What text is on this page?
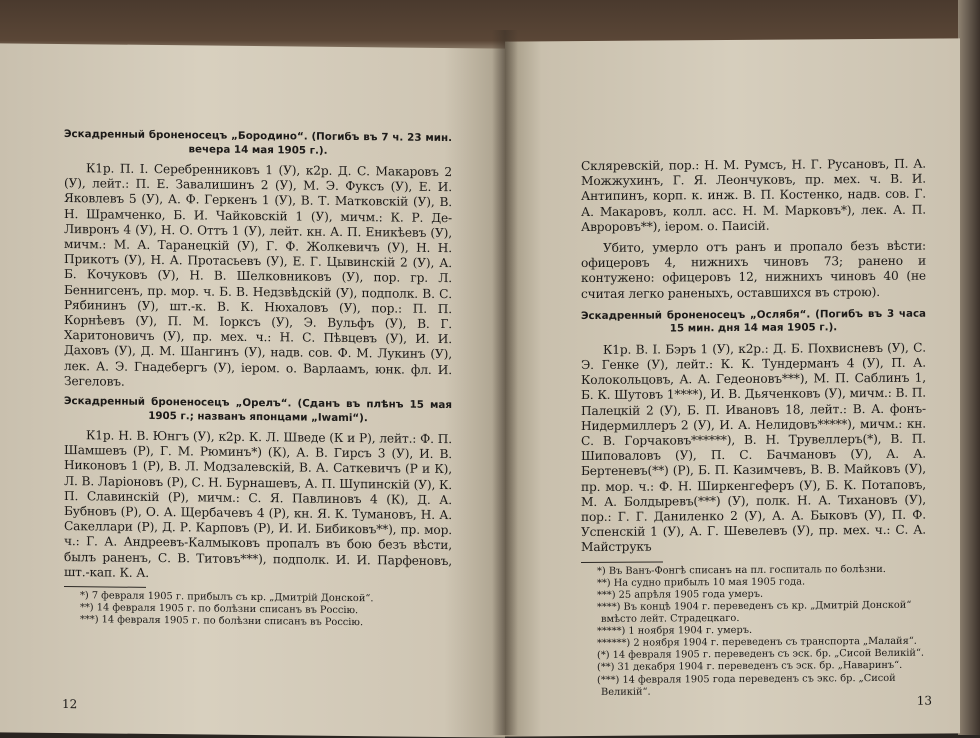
Эскадренный броненосецъ „Бородино“. (Погибъ въ 7 ч. 23 мин. вечера 14 мая 1905 г.).
К1р. П. I. Серебренниковъ 1 (У), к2р. Д. С. Макаровъ 2 (У), лейт.: П. Е. Завалишинъ 2 (У), М. Э. Фуксъ (У), Е. И. Яковлевъ 5 (У), А. Ф. Геркенъ 1 (У), В. Т. Матковскій (У), В. Н. Шрамченко, Б. И. Чайковскій 1 (У), мичм.: К. Р. Де-Ливронъ 4 (У), Н. О. Оттъ 1 (У), лейт. кн. А. П. Еникѣевъ (У), мичм.: М. А. Таранецкій (У), Г. Ф. Жолкевичъ (У), Н. Н. Прикотъ (У), Н. А. Протасьевъ (У), Е. Г. Цывинскій 2 (У), А. Б. Кочуковъ (У), Н. В. Шелковниковъ (У), пор. гр. Л. Беннигсенъ, пр. мор. ч. Б. В. Недзвѣдскій (У), подполк. В. С. Рябининъ (У), шт.-к. В. К. Нюхаловъ (У), пор.: П. П. Корнѣевъ (У), П. М. Іорксъ (У), Э. Вульфъ (У), В. Г. Харитоновичъ (У), пр. мех. ч.: Н. С. Пѣвцевъ (У), И. И. Даховъ (У), Д. М. Шангинъ (У), надв. сов. Ф. М. Лукинъ (У), лек. А. Э. Гнадебергъ (У), іером. о. Варлаамъ, юнк. фл. И. Зегеловъ.
Эскадренный броненосецъ „Орелъ“. (Сданъ въ плѣнъ 15 мая 1905 г.; названъ японцами „Iwami“).
К1р. Н. В. Юнгъ (У), к2р. К. Л. Шведе (К и Р), лейт.: Ф. П. Шамшевъ (Р), Г. М. Рюминъ*) (К), А. В. Гирсъ 3 (У), И. В. Никоновъ 1 (Р), В. Л. Модзалевскій, В. А. Саткевичъ (Р и К), Л. В. Ларіоновъ (Р), С. Н. Бурнашевъ, А. П. Шупинскій (У), К. П. Славинскій (Р), мичм.: С. Я. Павлиновъ 4 (К), Д. А. Бубновъ (Р), О. А. Щербачевъ 4 (Р), кн. Я. К. Тумановъ, Н. А. Сакеллари (Р), Д. Р. Карповъ (Р), И. И. Бибиковъ**), пр. мор. ч.: Г. А. Андреевъ-Калмыковъ пропалъ въ бою безъ вѣсти, былъ раненъ, С. В. Титовъ***), подполк. И. И. Парфеновъ, шт.-кап. К. А.
*) 7 февраля 1905 г. прибылъ съ кр. „Дмитрій Донской“.
**) 14 февраля 1905 г. по болѣзни списанъ въ Россію.
***) 14 февраля 1905 г. по болѣзни списанъ въ Россію.
12
Скляревскій, пор.: Н. М. Румсъ, Н. Г. Русановъ, П. А. Можжухинъ, Г. Я. Леончуковъ, пр. мех. ч. В. И. Антипинъ, корп. к. инж. В. П. Костенко, надв. сов. Г. А. Макаровъ, колл. асс. Н. М. Марковъ*), лек. А. П. Авроровъ**), іером. о. Паисій.
Убито, умерло отъ ранъ и пропало безъ вѣсти: офицеровъ 4, нижнихъ чиновъ 73; ранено и контужено: офицеровъ 12, нижнихъ чиновъ 40 (не считая легко раненыхъ, оставшихся въ строю).
Эскадренный броненосецъ „Ослябя“. (Погибъ въ 3 часа 15 мин. дня 14 мая 1905 г.).
К1р. В. I. Бэръ 1 (У), к2р.: Д. Б. Похвисневъ (У), С. Э. Генке (У), лейт.: К. К. Тундерманъ 4 (У), П. А. Колокольцовъ, А. А. Гедеоновъ***), М. П. Саблинъ 1, Б. К. Шутовъ 1****), И. В. Дьяченковъ (У), мичм.: В. П. Палецкій 2 (У), Б. П. Ивановъ 18, лейт.: В. А. фонъ-Нидермиллеръ 2 (У), И. А. Нелидовъ*****), мичм.: кн. С. В. Горчаковъ******), В. Н. Трувеллеръ(*), В. П. Шиповаловъ (У), П. С. Бачмановъ (У), А. А. Бертеневъ(**) (Р), Б. П. Казимчевъ, В. В. Майковъ (У), пр. мор. ч.: Ф. Н. Ширкенгеферъ (У), Б. К. Потаповъ, М. А. Болдыревъ(***) (У), полк. Н. А. Тихановъ (У), пор.: Г. Г. Даниленко 2 (У), А. А. Быковъ (У), П. Ф. Успенскій 1 (У), А. Г. Шевелевъ (У), пр. мех. ч.: С. А. Майструкъ
*) Въ Ванъ-Фонгѣ списанъ на пл. госпиталь по болѣзни.
**) На судно прибылъ 10 мая 1905 года.
***) 25 апрѣля 1905 года умеръ.
****) Въ концѣ 1904 г. переведенъ съ кр. „Дмитрій Донской“ вмѣсто лейт. Страдецкаго.
*****) 1 ноября 1904 г. умеръ.
******) 2 ноября 1904 г. переведенъ съ транспорта „Малайя“.
(*) 14 февраля 1905 г. переведенъ съ эск. бр. „Сисой Великій“.
(**) 31 декабря 1904 г. переведенъ съ эск. бр. „Наваринъ“.
(***) 14 февраля 1905 года переведенъ съ экс. бр. „Сисой Великій“.
13
